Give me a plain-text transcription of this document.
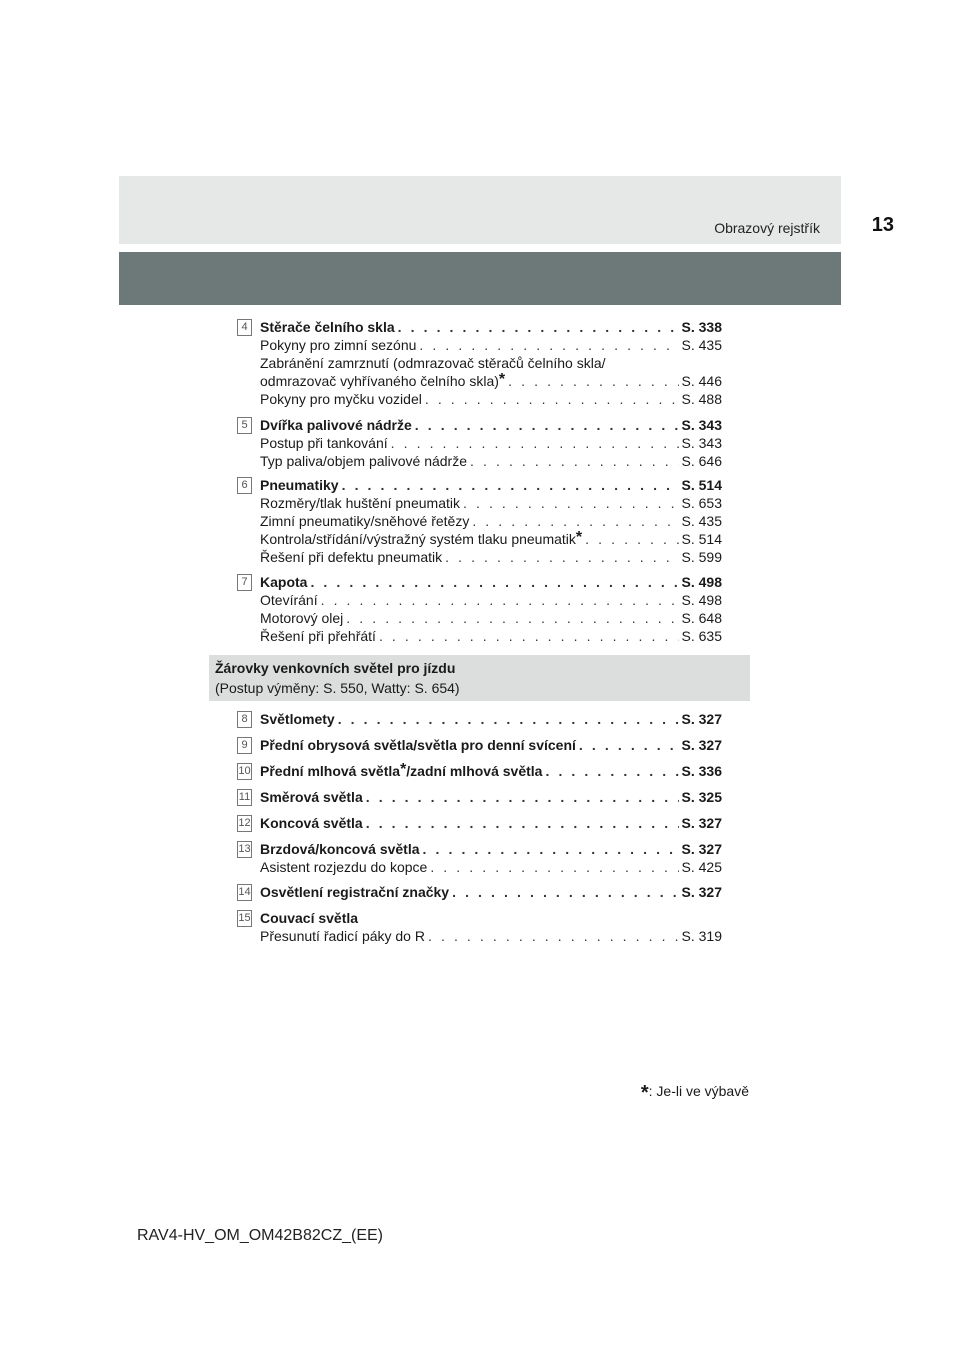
Obrazový rejstřík	13
4 Stěrače čelního skla . . .	S. 338
Pokyny pro zimní sezónu . . .	S. 435
Zabránění zamrznutí (odmrazovač stěračů čelního skla/
odmrazovač vyhřívaného čelního skla)* . . .	S. 446
Pokyny pro myčku vozidel . . .	S. 488
5 Dvířka palivové nádrže . . .	S. 343
Postup při tankování . . .	S. 343
Typ paliva/objem palivové nádrže . . .	S. 646
6 Pneumatiky . . .	S. 514
Rozměry/tlak huštění pneumatik . . .	S. 653
Zimní pneumatiky/sněhové řetězy . . .	S. 435
Kontrola/střídání/výstražný systém tlaku pneumatik* . . .	S. 514
Řešení při defektu pneumatik . . .	S. 599
7 Kapota . . .	S. 498
Otevírání . . .	S. 498
Motorový olej . . .	S. 648
Řešení při přehřátí . . .	S. 635
8 Světlomety . . .	S. 327
9 Přední obrysová světla/světla pro denní svícení . . .	S. 327
10 Přední mlhová světla*/zadní mlhová světla . . .	S. 336
11 Směrová světla . . .	S. 325
12 Koncová světla . . .	S. 327
13 Brzdová/koncová světla . . .	S. 327
Asistent rozjezdu do kopce . . .	S. 425
14 Osvětlení registrační značky . . .	S. 327
15 Couvací světla
Přesunutí řadicí páky do R . . .	S. 319
Žárovky venkovních světel pro jízdu
(Postup výměny: S. 550, Watty: S. 654)
*: Je-li ve výbavě
RAV4-HV_OM_OM42B82CZ_(EE)
